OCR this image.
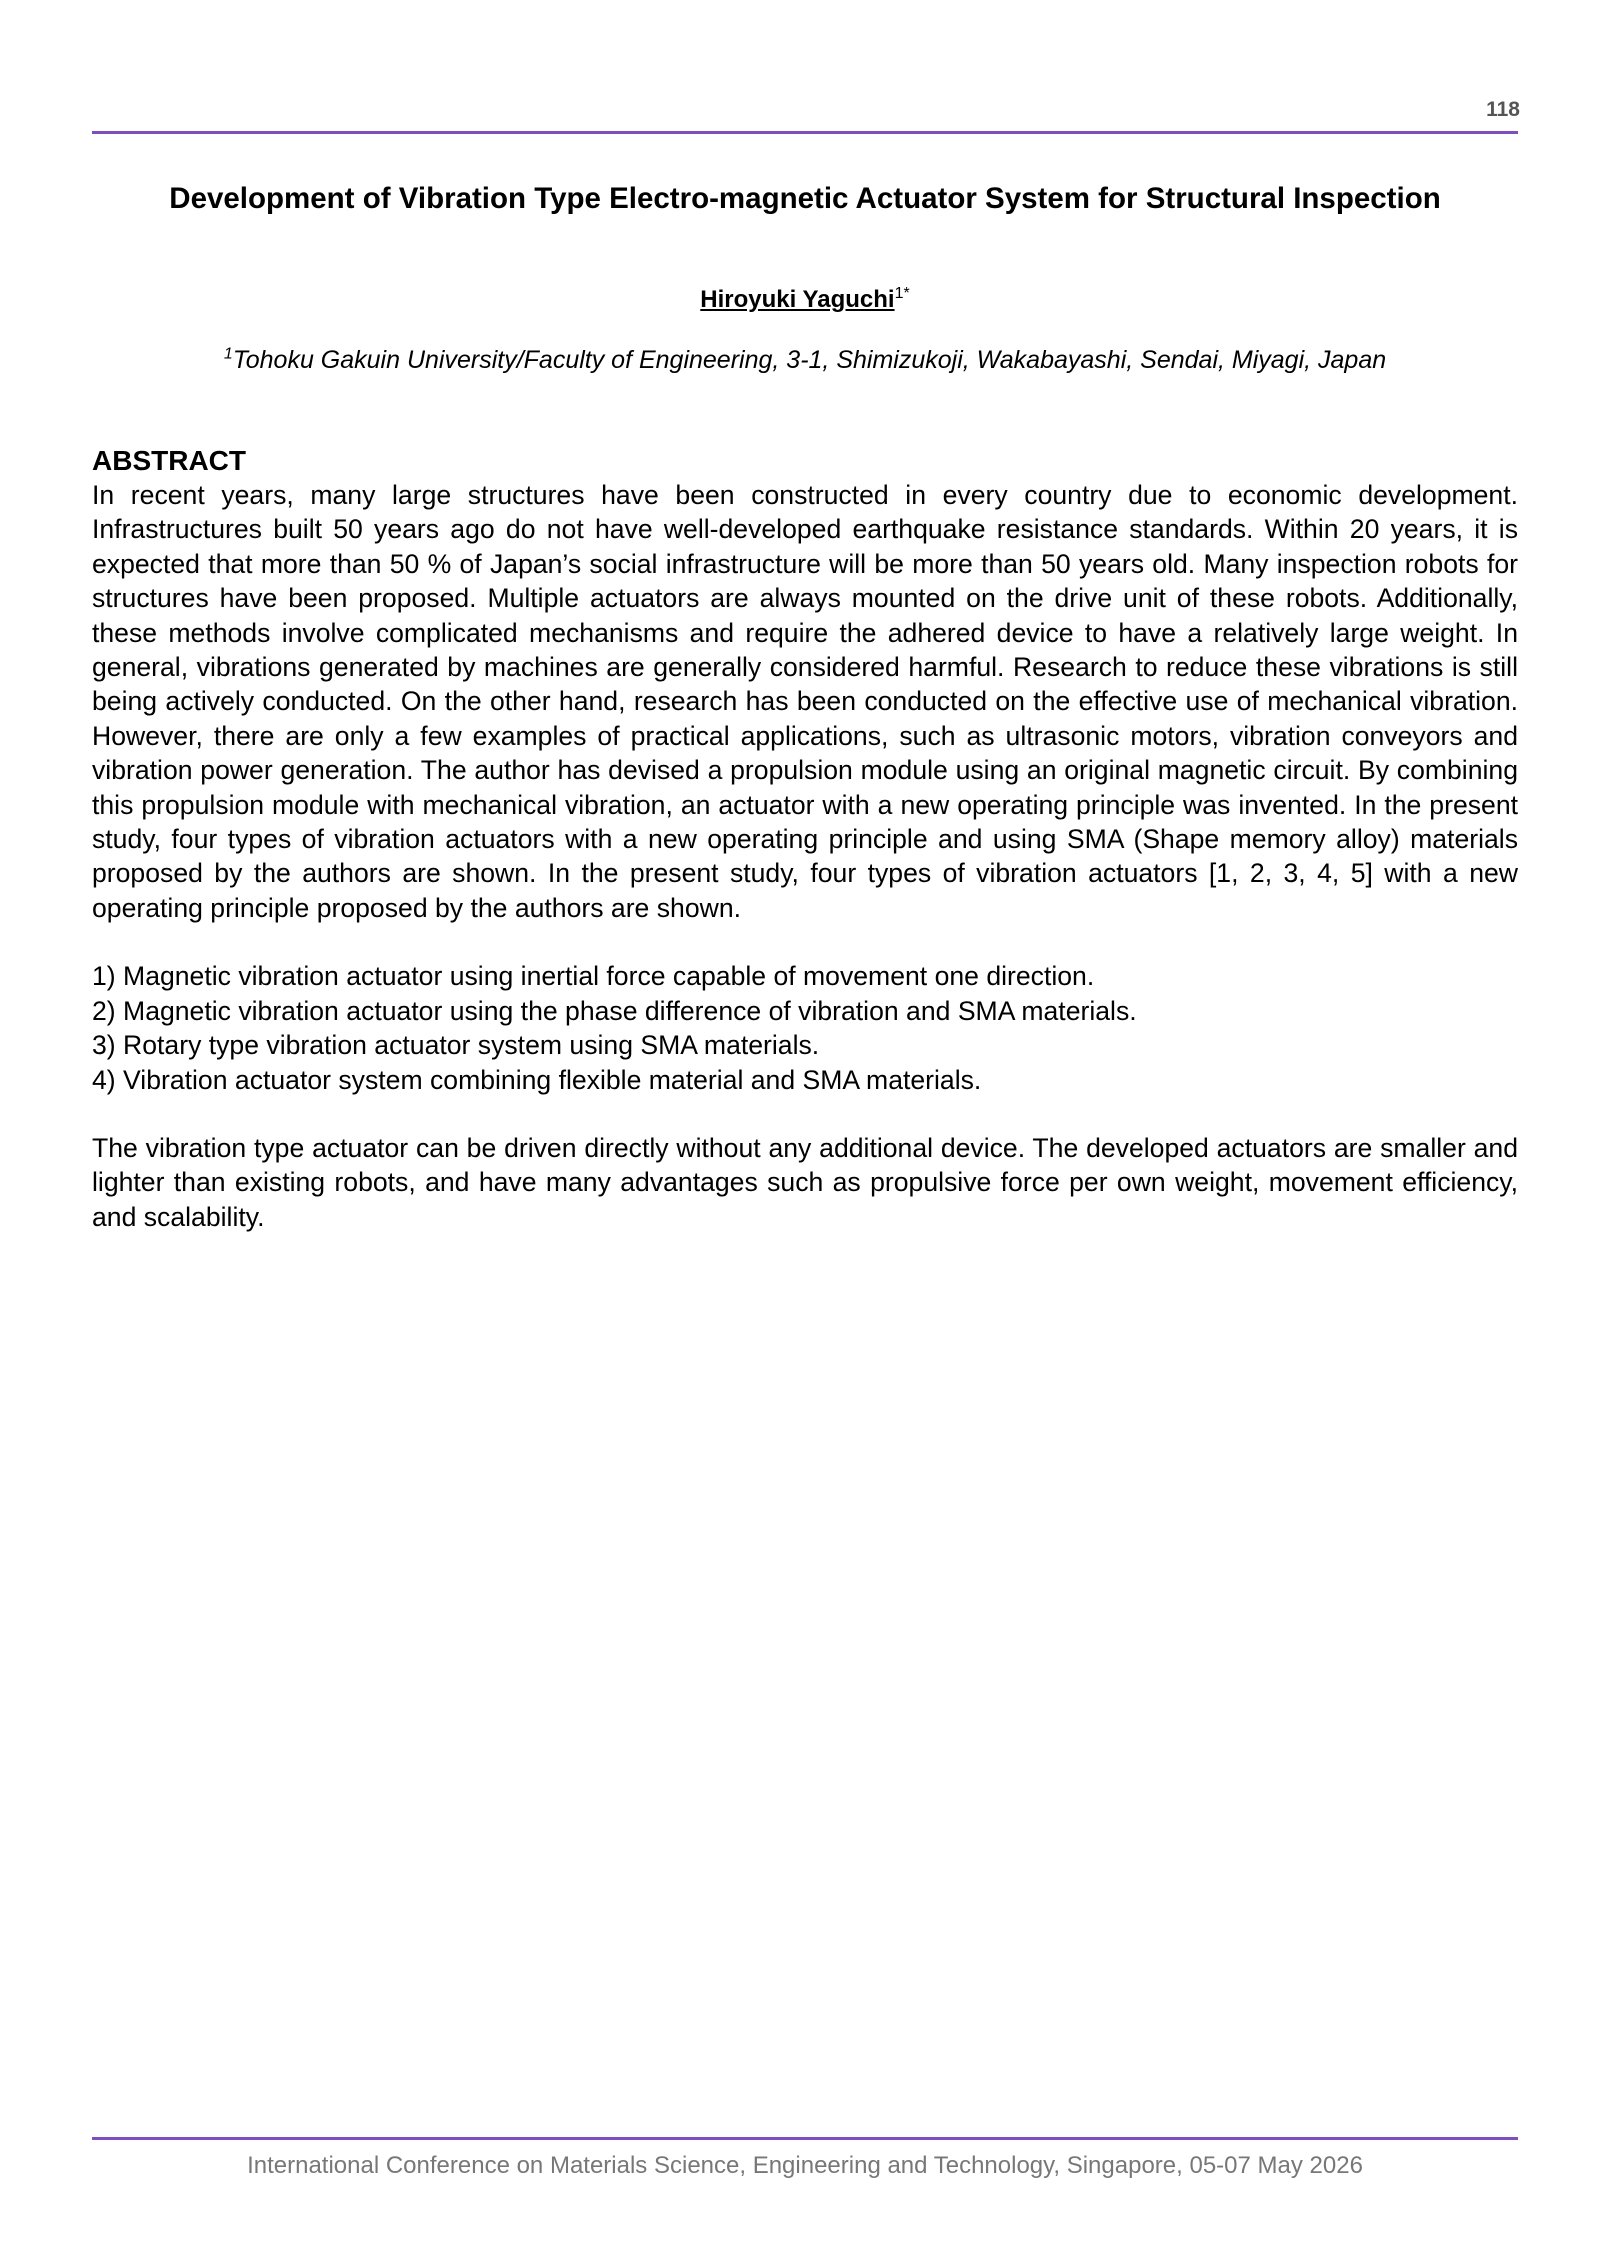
118
Development of Vibration Type Electro-magnetic Actuator System for Structural Inspection
Hiroyuki Yaguchi$^{1*}$
$^1$Tohoku Gakuin University/Faculty of Engineering, 3-1, Shimizukoji, Wakabayashi, Sendai, Miyagi, Japan
ABSTRACT

In recent years, many large structures have been constructed in every country due to economic development. Infrastructures built 50 years ago do not have well-developed earthquake resistance standards. Within 20 years, it is expected that more than 50 % of Japan’s social infrastructure will be more than 50 years old. Many inspection robots for structures have been proposed. Multiple actuators are always mounted on the drive unit of these robots. Additionally, these methods involve complicated mechanisms and require the adhered device to have a relatively large weight. In general, vibrations generated by machines are generally considered harmful. Research to reduce these vibrations is still being actively conducted. On the other hand, research has been conducted on the effective use of mechanical vibration. However, there are only a few examples of practical applications, such as ultrasonic motors, vibration conveyors and vibration power generation. The author has devised a propulsion module using an original magnetic circuit. By combining this propulsion module with mechanical vibration, an actuator with a new operating principle was invented. In the present study, four types of vibration actuators with a new operating principle and using SMA (Shape memory alloy) materials proposed by the authors are shown. In the present study, four types of vibration actuators [1, 2, 3, 4, 5] with a new operating principle proposed by the authors are shown.

1) Magnetic vibration actuator using inertial force capable of movement one direction.
2) Magnetic vibration actuator using the phase difference of vibration and SMA materials.
3) Rotary type vibration actuator system using SMA materials.
4) Vibration actuator system combining flexible material and SMA materials.

The vibration type actuator can be driven directly without any additional device. The developed actuators are smaller and lighter than existing robots, and have many advantages such as propulsive force per own weight, movement efficiency, and scalability.

International Conference on Materials Science, Engineering and Technology, Singapore, 05-07 May 2026
